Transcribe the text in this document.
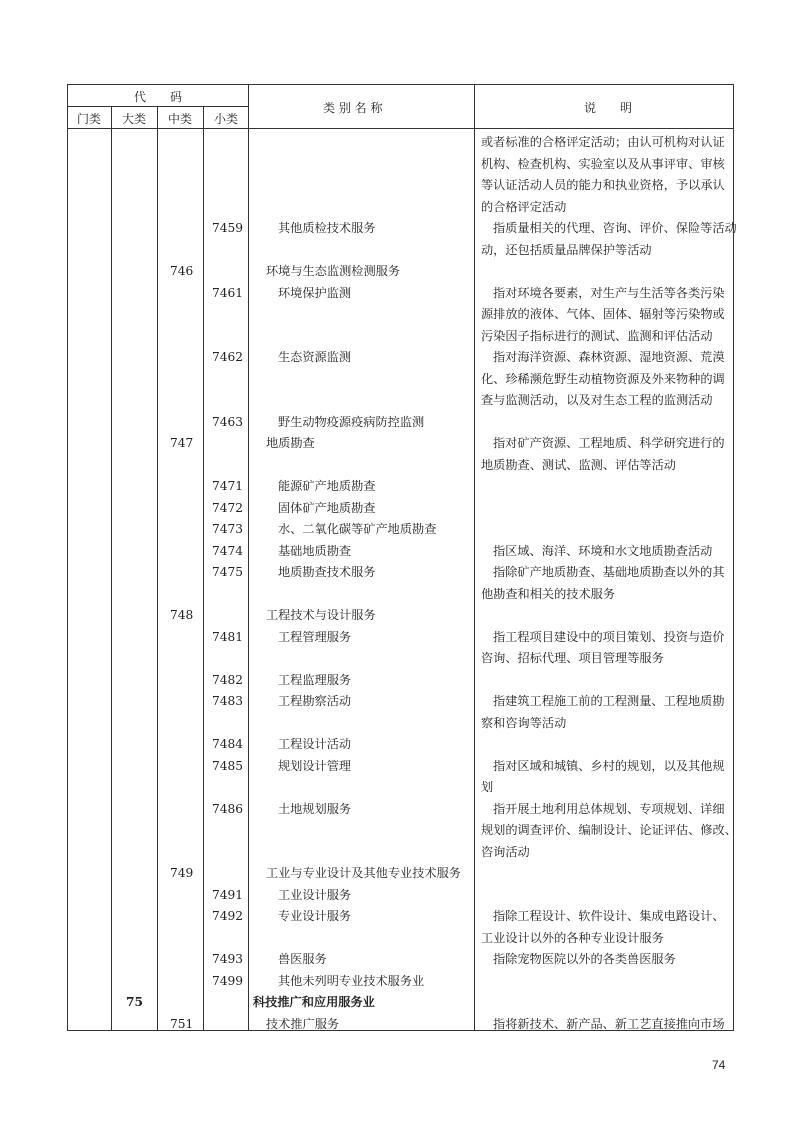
代　　码
门类 大类 中类 小类
类 别 名 称	说　　明
或者标准的合格评定活动；由认可机构对认证
机构、检查机构、实验室以及从事评审、审核
等认证活动人员的能力和执业资格，予以承认
的合格评定活动
7459	其他质检技术服务	指质量相关的代理、咨询、评价、保险等活动
动，还包括质量品牌保护等活动
746	环境与生态监测检测服务
7461	环境保护监测	指对环境各要素，对生产与生活等各类污染
源排放的液体、气体、固体、辐射等污染物或
污染因子指标进行的测试、监测和评估活动
7462	生态资源监测	指对海洋资源、森林资源、湿地资源、荒漠
化、珍稀濒危野生动植物资源及外来物种的调
查与监测活动，以及对生态工程的监测活动
7463	野生动物疫源疫病防控监测
747	地质勘查	指对矿产资源、工程地质、科学研究进行的
地质勘查、测试、监测、评估等活动
7471	能源矿产地质勘查
7472	固体矿产地质勘查
7473	水、二氧化碳等矿产地质勘查
7474	基础地质勘查	指区域、海洋、环境和水文地质勘查活动
7475	地质勘查技术服务	指除矿产地质勘查、基础地质勘查以外的其
他勘查和相关的技术服务
748	工程技术与设计服务
7481	工程管理服务	指工程项目建设中的项目策划、投资与造价
咨询、招标代理、项目管理等服务
7482	工程监理服务
7483	工程勘察活动	指建筑工程施工前的工程测量、工程地质勘
察和咨询等活动
7484	工程设计活动
7485	规划设计管理	指对区域和城镇、乡村的规划，以及其他规
划
7486	土地规划服务	指开展土地利用总体规划、专项规划、详细
规划的调查评价、编制设计、论证评估、修改、
咨询活动
749	工业与专业设计及其他专业技术服务
7491	工业设计服务
7492	专业设计服务	指除工程设计、软件设计、集成电路设计、
工业设计以外的各种专业设计服务
7493	兽医服务	指除宠物医院以外的各类兽医服务
7499	其他未列明专业技术服务业
75	科技推广和应用服务业
751	技术推广服务	指将新技术、新产品、新工艺直接推向市场
74
